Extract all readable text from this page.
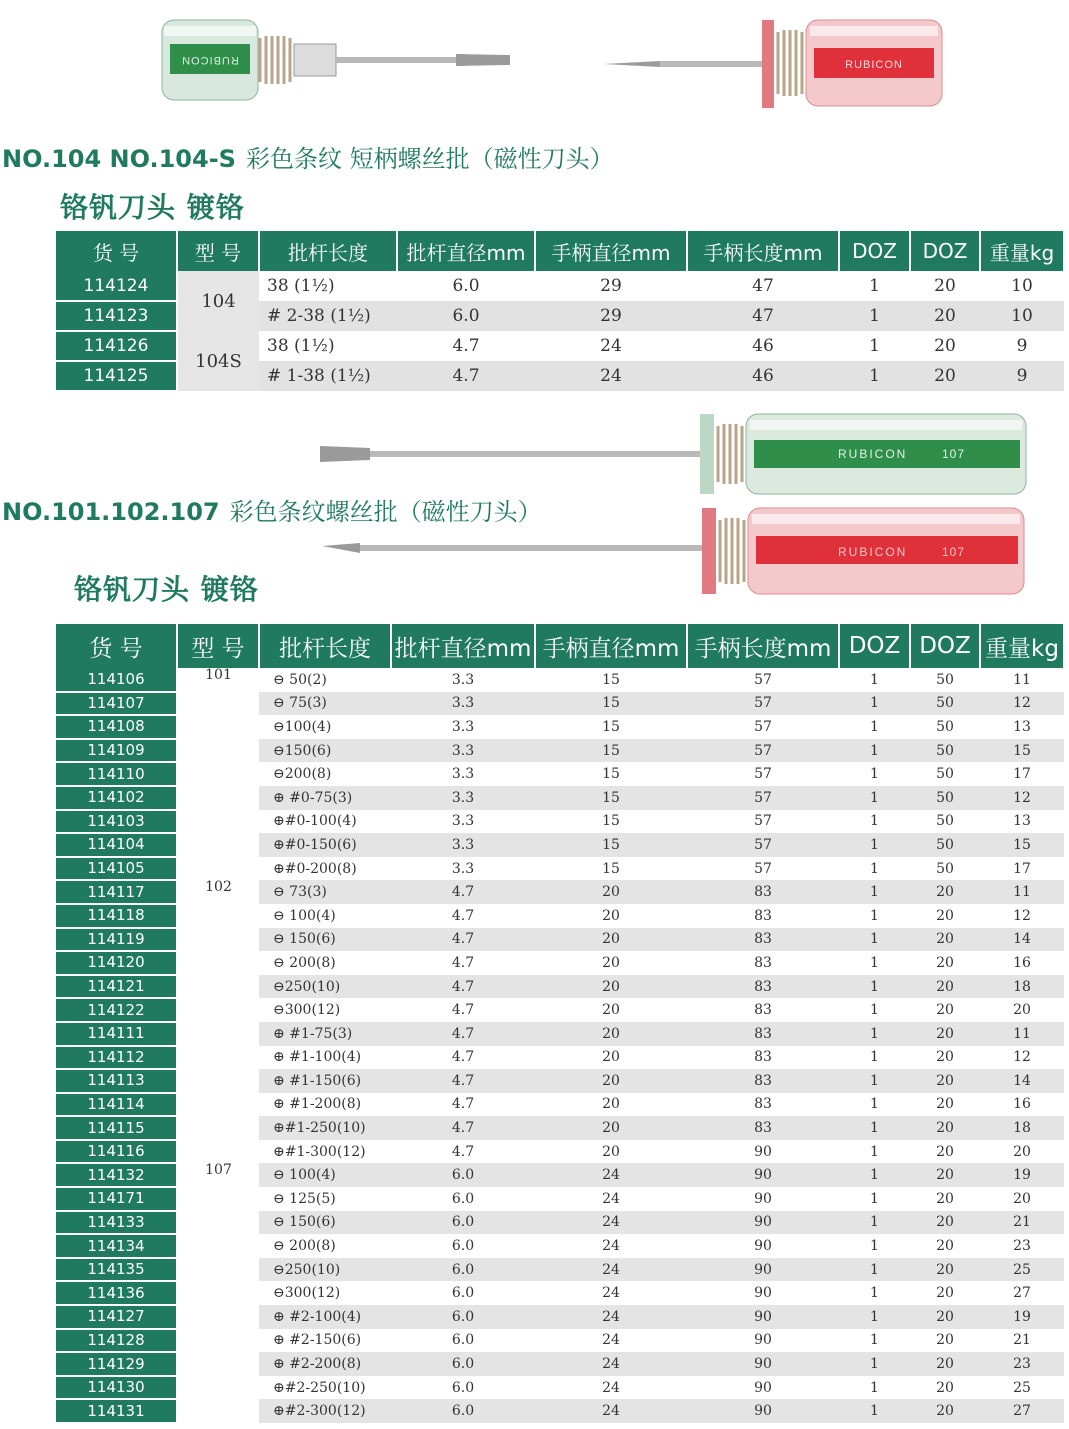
RUBICON	RUBICON
NO.104 NO.104-S 彩色条纹 短柄螺丝批（磁性刀头）
铬钒刀头 镀铬
货 号	型 号	批杆长度	批杆直径mm	手柄直径mm	手柄长度mm	DOZ	DOZ	重量kg
114124	104	38 (1½)	6.0	29	47	1	20	10
114123		# 2-38 (1½)	6.0	29	47	1	20	10
114126	104S	38 (1½)	4.7	24	46	1	20	9
114125		# 1-38 (1½)	4.7	24	46	1	20	9
RUBICON	107
RUBICON	107
NO.101.102.107 彩色条纹螺丝批（磁性刀头）
铬钒刀头 镀铬
货 号	型 号	批杆长度	批杆直径mm	手柄直径mm	手柄长度mm	DOZ	DOZ	重量kg
114106	101	⊖ 50(2)	3.3	15	57	1	50	11
114107		⊖ 75(3)	3.3	15	57	1	50	12
114108		⊖100(4)	3.3	15	57	1	50	13
114109		⊖150(6)	3.3	15	57	1	50	15
114110		⊖200(8)	3.3	15	57	1	50	17
114102		⊕ #0-75(3)	3.3	15	57	1	50	12
114103		⊕#0-100(4)	3.3	15	57	1	50	13
114104		⊕#0-150(6)	3.3	15	57	1	50	15
114105		⊕#0-200(8)	3.3	15	57	1	50	17
114117	102	⊖ 73(3)	4.7	20	83	1	20	11
114118		⊖ 100(4)	4.7	20	83	1	20	12
114119		⊖ 150(6)	4.7	20	83	1	20	14
114120		⊖ 200(8)	4.7	20	83	1	20	16
114121		⊖250(10)	4.7	20	83	1	20	18
114122		⊖300(12)	4.7	20	83	1	20	20
114111		⊕ #1-75(3)	4.7	20	83	1	20	11
114112		⊕ #1-100(4)	4.7	20	83	1	20	12
114113		⊕ #1-150(6)	4.7	20	83	1	20	14
114114		⊕ #1-200(8)	4.7	20	83	1	20	16
114115		⊕#1-250(10)	4.7	20	83	1	20	18
114116		⊕#1-300(12)	4.7	20	90	1	20	20
114132	107	⊖ 100(4)	6.0	24	90	1	20	19
114171		⊖ 125(5)	6.0	24	90	1	20	20
114133		⊖ 150(6)	6.0	24	90	1	20	21
114134		⊖ 200(8)	6.0	24	90	1	20	23
114135		⊖250(10)	6.0	24	90	1	20	25
114136		⊖300(12)	6.0	24	90	1	20	27
114127		⊕ #2-100(4)	6.0	24	90	1	20	19
114128		⊕ #2-150(6)	6.0	24	90	1	20	21
114129		⊕ #2-200(8)	6.0	24	90	1	20	23
114130		⊕#2-250(10)	6.0	24	90	1	20	25
114131		⊕#2-300(12)	6.0	24	90	1	20	27
